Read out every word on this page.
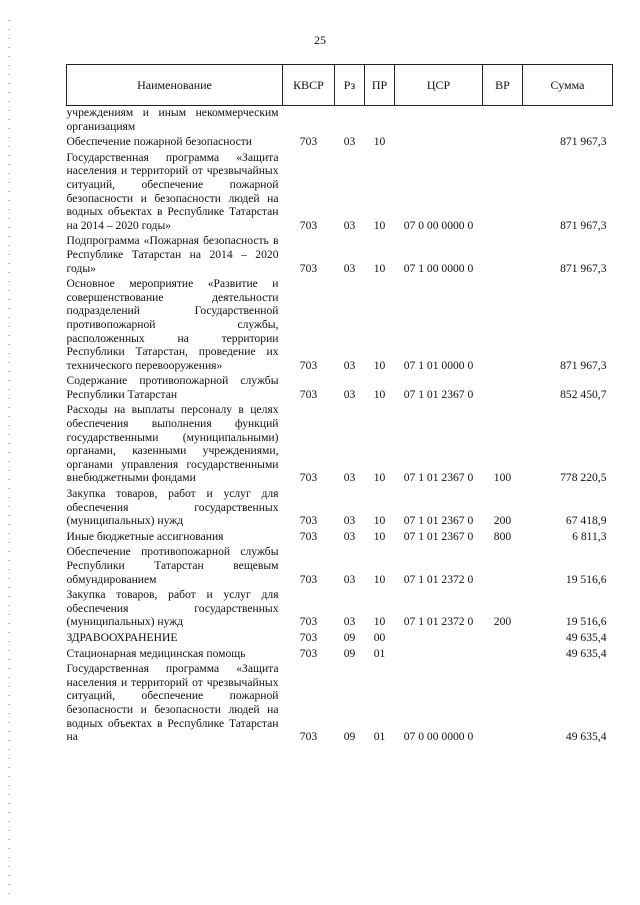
25
Наименование	КВСР	Рз	ПР	ЦСР	ВР	Сумма
учреждениям и иным некоммерческим организациям						
Обеспечение пожарной безопасности	703	03	10			871 967,3
Государственная программа «Защита населения и территорий от чрезвычайных ситуаций, обеспечение пожарной безопасности и безопасности людей на водных объектах в Республике Татарстан на 2014 – 2020 годы»	703	03	10	07 0 00 0000 0		871 967,3
Подпрограмма «Пожарная безопасность в Республике Татарстан на 2014 – 2020 годы»	703	03	10	07 1 00 0000 0		871 967,3
Основное мероприятие «Развитие и совершенствование деятельности подразделений Государственной противопожарной службы, расположенных на территории Республики Татарстан, проведение их технического перевооружения»	703	03	10	07 1 01 0000 0		871 967,3
Содержание противопожарной службы Республики Татарстан	703	03	10	07 1 01 2367 0		852 450,7
Расходы на выплаты персоналу в целях обеспечения выполнения функций государственными (муниципальными) органами, казенными учреждениями, органами управления государственными внебюджетными фондами	703	03	10	07 1 01 2367 0	100	778 220,5
Закупка товаров, работ и услуг для обеспечения государственных (муниципальных) нужд	703	03	10	07 1 01 2367 0	200	67 418,9
Иные бюджетные ассигнования	703	03	10	07 1 01 2367 0	800	6 811,3
Обеспечение противопожарной службы Республики Татарстан вещевым обмундированием	703	03	10	07 1 01 2372 0		19 516,6
Закупка товаров, работ и услуг для обеспечения государственных (муниципальных) нужд	703	03	10	07 1 01 2372 0	200	19 516,6
ЗДРАВООХРАНЕНИЕ	703	09	00			49 635,4
Стационарная медицинская помощь	703	09	01			49 635,4
Государственная программа «Защита населения и территорий от чрезвычайных ситуаций, обеспечение пожарной безопасности и безопасности людей на водных объектах в Республике Татарстан на	703	09	01	07 0 00 0000 0		49 635,4
